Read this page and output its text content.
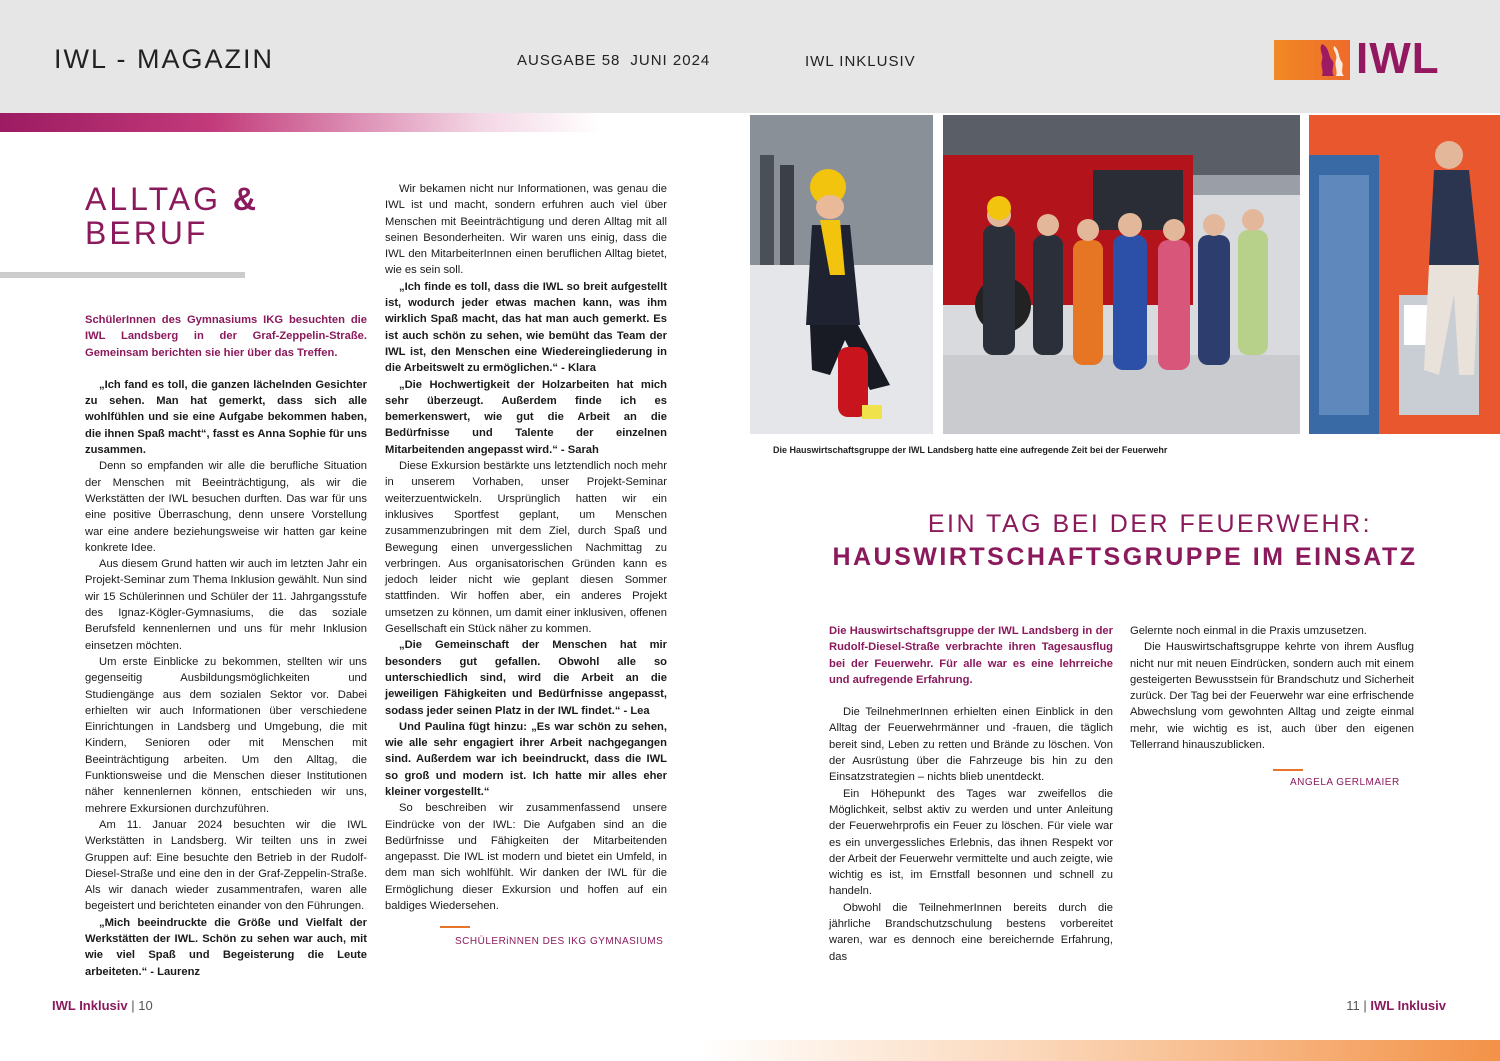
IWL - MAGAZIN	AUSGABE 58 JUNI 2024	IWL INKLUSIV	IWL
ALLTAG &
BERUF

SchülerInnen des Gymnasiums IKG besuchten die IWL Landsberg in der Graf-Zeppelin-Straße. Gemeinsam berichten sie hier über das Treffen.

„Ich fand es toll, die ganzen lächelnden Gesichter zu sehen. Man hat gemerkt, dass sich alle wohlfühlen und sie eine Aufgabe bekommen haben, die ihnen Spaß macht“, fasst es Anna Sophie für uns zusammen.

Denn so empfanden wir alle die berufliche Situation der Menschen mit Beeinträchtigung, als wir die Werkstätten der IWL besuchen durften. Das war für uns eine positive Überraschung, denn unsere Vorstellung war eine andere beziehungsweise wir hatten gar keine konkrete Idee.

Aus diesem Grund hatten wir auch im letzten Jahr ein Projekt-Seminar zum Thema Inklusion gewählt. Nun sind wir 15 Schülerinnen und Schüler der 11. Jahrgangsstufe des Ignaz-Kögler-Gymnasiums, die das soziale Berufsfeld kennenlernen und uns für mehr Inklusion einsetzen möchten.

Um erste Einblicke zu bekommen, stellten wir uns gegenseitig Ausbildungsmöglichkeiten und Studiengänge aus dem sozialen Sektor vor. Dabei erhielten wir auch Informationen über verschiedene Einrichtungen in Landsberg und Umgebung, die mit Kindern, Senioren oder mit Menschen mit Beeinträchtigung arbeiten. Um den Alltag, die Funktionsweise und die Menschen dieser Institutionen näher kennenlernen können, entschieden wir uns, mehrere Exkursionen durchzuführen.

Am 11. Januar 2024 besuchten wir die IWL Werkstätten in Landsberg. Wir teilten uns in zwei Gruppen auf: Eine besuchte den Betrieb in der Rudolf-Diesel-Straße und eine den in der Graf-Zeppelin-Straße. Als wir danach wieder zusammentrafen, waren alle begeistert und berichteten einander von den Führungen.

„Mich beeindruckte die Größe und Vielfalt der Werkstätten der IWL. Schön zu sehen war auch, mit wie viel Spaß und Begeisterung die Leute arbeiteten.“ - Laurenz

Wir bekamen nicht nur Informationen, was genau die IWL ist und macht, sondern erfuhren auch viel über Menschen mit Beeinträchtigung und deren Alltag mit all seinen Besonderheiten. Wir waren uns einig, dass die IWL den MitarbeiterInnen einen beruflichen Alltag bietet, wie es sein soll.

„Ich finde es toll, dass die IWL so breit aufgestellt ist, wodurch jeder etwas machen kann, was ihm wirklich Spaß macht, das hat man auch gemerkt. Es ist auch schön zu sehen, wie bemüht das Team der IWL ist, den Menschen eine Wiedereingliederung in die Arbeitswelt zu ermöglichen.“ - Klara

„Die Hochwertigkeit der Holzarbeiten hat mich sehr überzeugt. Außerdem finde ich es bemerkenswert, wie gut die Arbeit an die Bedürfnisse und Talente der einzelnen Mitarbeitenden angepasst wird.“ - Sarah

Diese Exkursion bestärkte uns letztendlich noch mehr in unserem Vorhaben, unser Projekt-Seminar weiterzuentwickeln. Ursprünglich hatten wir ein inklusives Sportfest geplant, um Menschen zusammenzubringen mit dem Ziel, durch Spaß und Bewegung einen unvergesslichen Nachmittag zu verbringen. Aus organisatorischen Gründen kann es jedoch leider nicht wie geplant diesen Sommer stattfinden. Wir hoffen aber, ein anderes Projekt umsetzen zu können, um damit einer inklusiven, offenen Gesellschaft ein Stück näher zu kommen.

„Die Gemeinschaft der Menschen hat mir besonders gut gefallen. Obwohl alle so unterschiedlich sind, wird die Arbeit an die jeweiligen Fähigkeiten und Bedürfnisse angepasst, sodass jeder seinen Platz in der IWL findet.“ - Lea

Und Paulina fügt hinzu: „Es war schön zu sehen, wie alle sehr engagiert ihrer Arbeit nachgegangen sind. Außerdem war ich beeindruckt, dass die IWL so groß und modern ist. Ich hatte mir alles eher kleiner vorgestellt.“

So beschreiben wir zusammenfassend unsere Eindrücke von der IWL: Die Aufgaben sind an die Bedürfnisse und Fähigkeiten der Mitarbeitenden angepasst. Die IWL ist modern und bietet ein Umfeld, in dem man sich wohlfühlt. Wir danken der IWL für die Ermöglichung dieser Exkursion und hoffen auf ein baldiges Wiedersehen.

SCHÜLERiNNEN DES IKG GYMNASIUMS
Die Hauswirtschaftsgruppe der IWL Landsberg hatte eine aufregende Zeit bei der Feuerwehr
EIN TAG BEI DER FEUERWEHR:
HAUSWIRTSCHAFTSGRUPPE IM EINSATZ

Die Hauswirtschaftsgruppe der IWL Landsberg in der Rudolf-Diesel-Straße verbrachte ihren Tagesausflug bei der Feuerwehr. Für alle war es eine lehrreiche und aufregende Erfahrung.

Die TeilnehmerInnen erhielten einen Einblick in den Alltag der Feuerwehrmänner und -frauen, die täglich bereit sind, Leben zu retten und Brände zu löschen. Von der Ausrüstung über die Fahrzeuge bis hin zu den Einsatzstrategien – nichts blieb unentdeckt.

Ein Höhepunkt des Tages war zweifellos die Möglichkeit, selbst aktiv zu werden und unter Anleitung der Feuerwehrprofis ein Feuer zu löschen. Für viele war es ein unvergessliches Erlebnis, das ihnen Respekt vor der Arbeit der Feuerwehr vermittelte und auch zeigte, wie wichtig es ist, im Ernstfall besonnen und schnell zu handeln.

Obwohl die TeilnehmerInnen bereits durch die jährliche Brandschutzschulung bestens vorbereitet waren, war es dennoch eine bereichernde Erfahrung, das

Gelernte noch einmal in die Praxis umzusetzen.

Die Hauswirtschaftsgruppe kehrte von ihrem Ausflug nicht nur mit neuen Eindrücken, sondern auch mit einem gesteigerten Bewusstsein für Brandschutz und Sicherheit zurück. Der Tag bei der Feuerwehr war eine erfrischende Abwechslung vom gewohnten Alltag und zeigte einmal mehr, wie wichtig es ist, auch über den eigenen Tellerrand hinauszublicken.

ANGELA GERLMAIER
IWL Inklusiv | 10	11 | IWL Inklusiv
